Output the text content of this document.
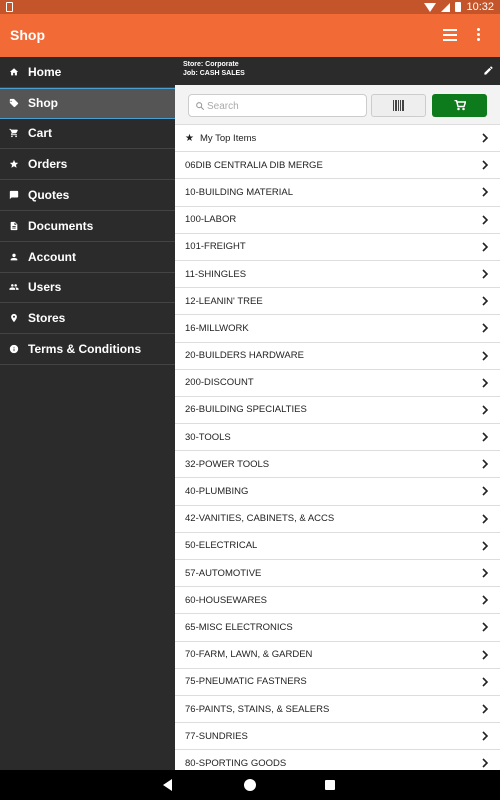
10:32
Shop
Home
Shop
Cart
Orders
Quotes
Documents
Account
Users
Stores
Terms & Conditions
Store: Corporate
Job: CASH SALES
Search
★ My Top Items
06DIB CENTRALIA DIB MERGE
10-BUILDING MATERIAL
100-LABOR
101-FREIGHT
11-SHINGLES
12-LEANIN' TREE
16-MILLWORK
20-BUILDERS HARDWARE
200-DISCOUNT
26-BUILDING SPECIALTIES
30-TOOLS
32-POWER TOOLS
40-PLUMBING
42-VANITIES, CABINETS, & ACCS
50-ELECTRICAL
57-AUTOMOTIVE
60-HOUSEWARES
65-MISC ELECTRONICS
70-FARM, LAWN, & GARDEN
75-PNEUMATIC FASTNERS
76-PAINTS, STAINS, & SEALERS
77-SUNDRIES
80-SPORTING GOODS
